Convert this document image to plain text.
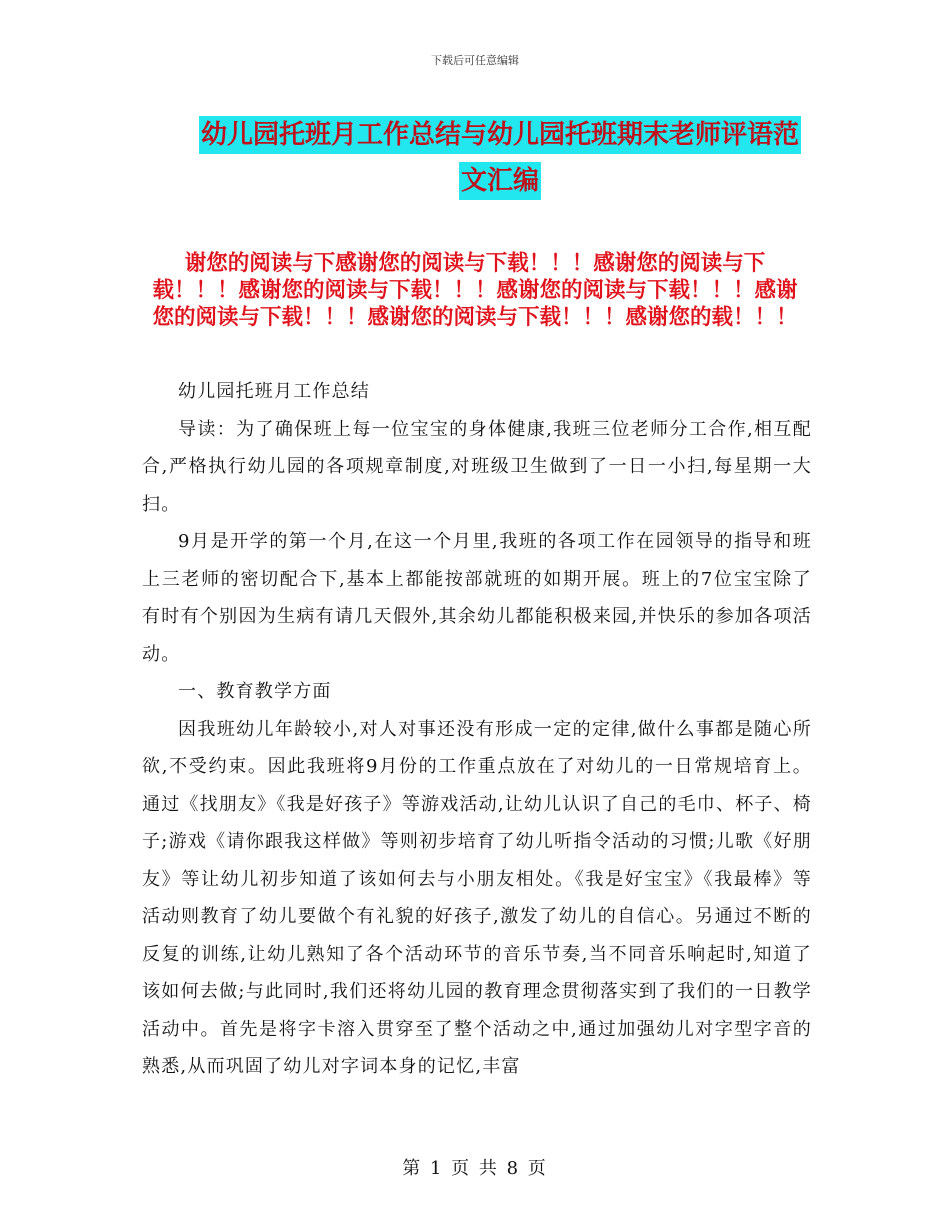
下载后可任意编辑
幼儿园托班月工作总结与幼儿园托班期末老师评语范
文汇编
谢您的阅读与下感谢您的阅读与下载！！！感谢您的阅读与下载！！！感谢您的阅读与下载！！！感谢您的阅读与下载！！！感谢您的阅读与下载！！！感谢您的阅读与下载！！！感谢您的载！！！

幼儿园托班月工作总结

导读：为了确保班上每一位宝宝的身体健康,我班三位老师分工合作,相互配合,严格执行幼儿园的各项规章制度,对班级卫生做到了一日一小扫,每星期一大扫。

9月是开学的第一个月,在这一个月里,我班的各项工作在园领导的指导和班上三老师的密切配合下,基本上都能按部就班的如期开展。班上的7位宝宝除了有时有个别因为生病有请几天假外,其余幼儿都能积极来园,并快乐的参加各项活动。

一、教育教学方面

因我班幼儿年龄较小,对人对事还没有形成一定的定律,做什么事都是随心所欲,不受约束。因此我班将9月份的工作重点放在了对幼儿的一日常规培育上。通过《找朋友》《我是好孩子》等游戏活动,让幼儿认识了自己的毛巾、杯子、椅子;游戏《请你跟我这样做》等则初步培育了幼儿听指令活动的习惯;儿歌《好朋友》等让幼儿初步知道了该如何去与小朋友相处。《我是好宝宝》《我最棒》等活动则教育了幼儿要做个有礼貌的好孩子,激发了幼儿的自信心。另通过不断的反复的训练,让幼儿熟知了各个活动环节的音乐节奏,当不同音乐响起时,知道了该如何去做;与此同时,我们还将幼儿园的教育理念贯彻落实到了我们的一日教学活动中。首先是将字卡溶入贯穿至了整个活动之中,通过加强幼儿对字型字音的熟悉,从而巩固了幼儿对字词本身的记忆,丰富

第 1 页 共 8 页
